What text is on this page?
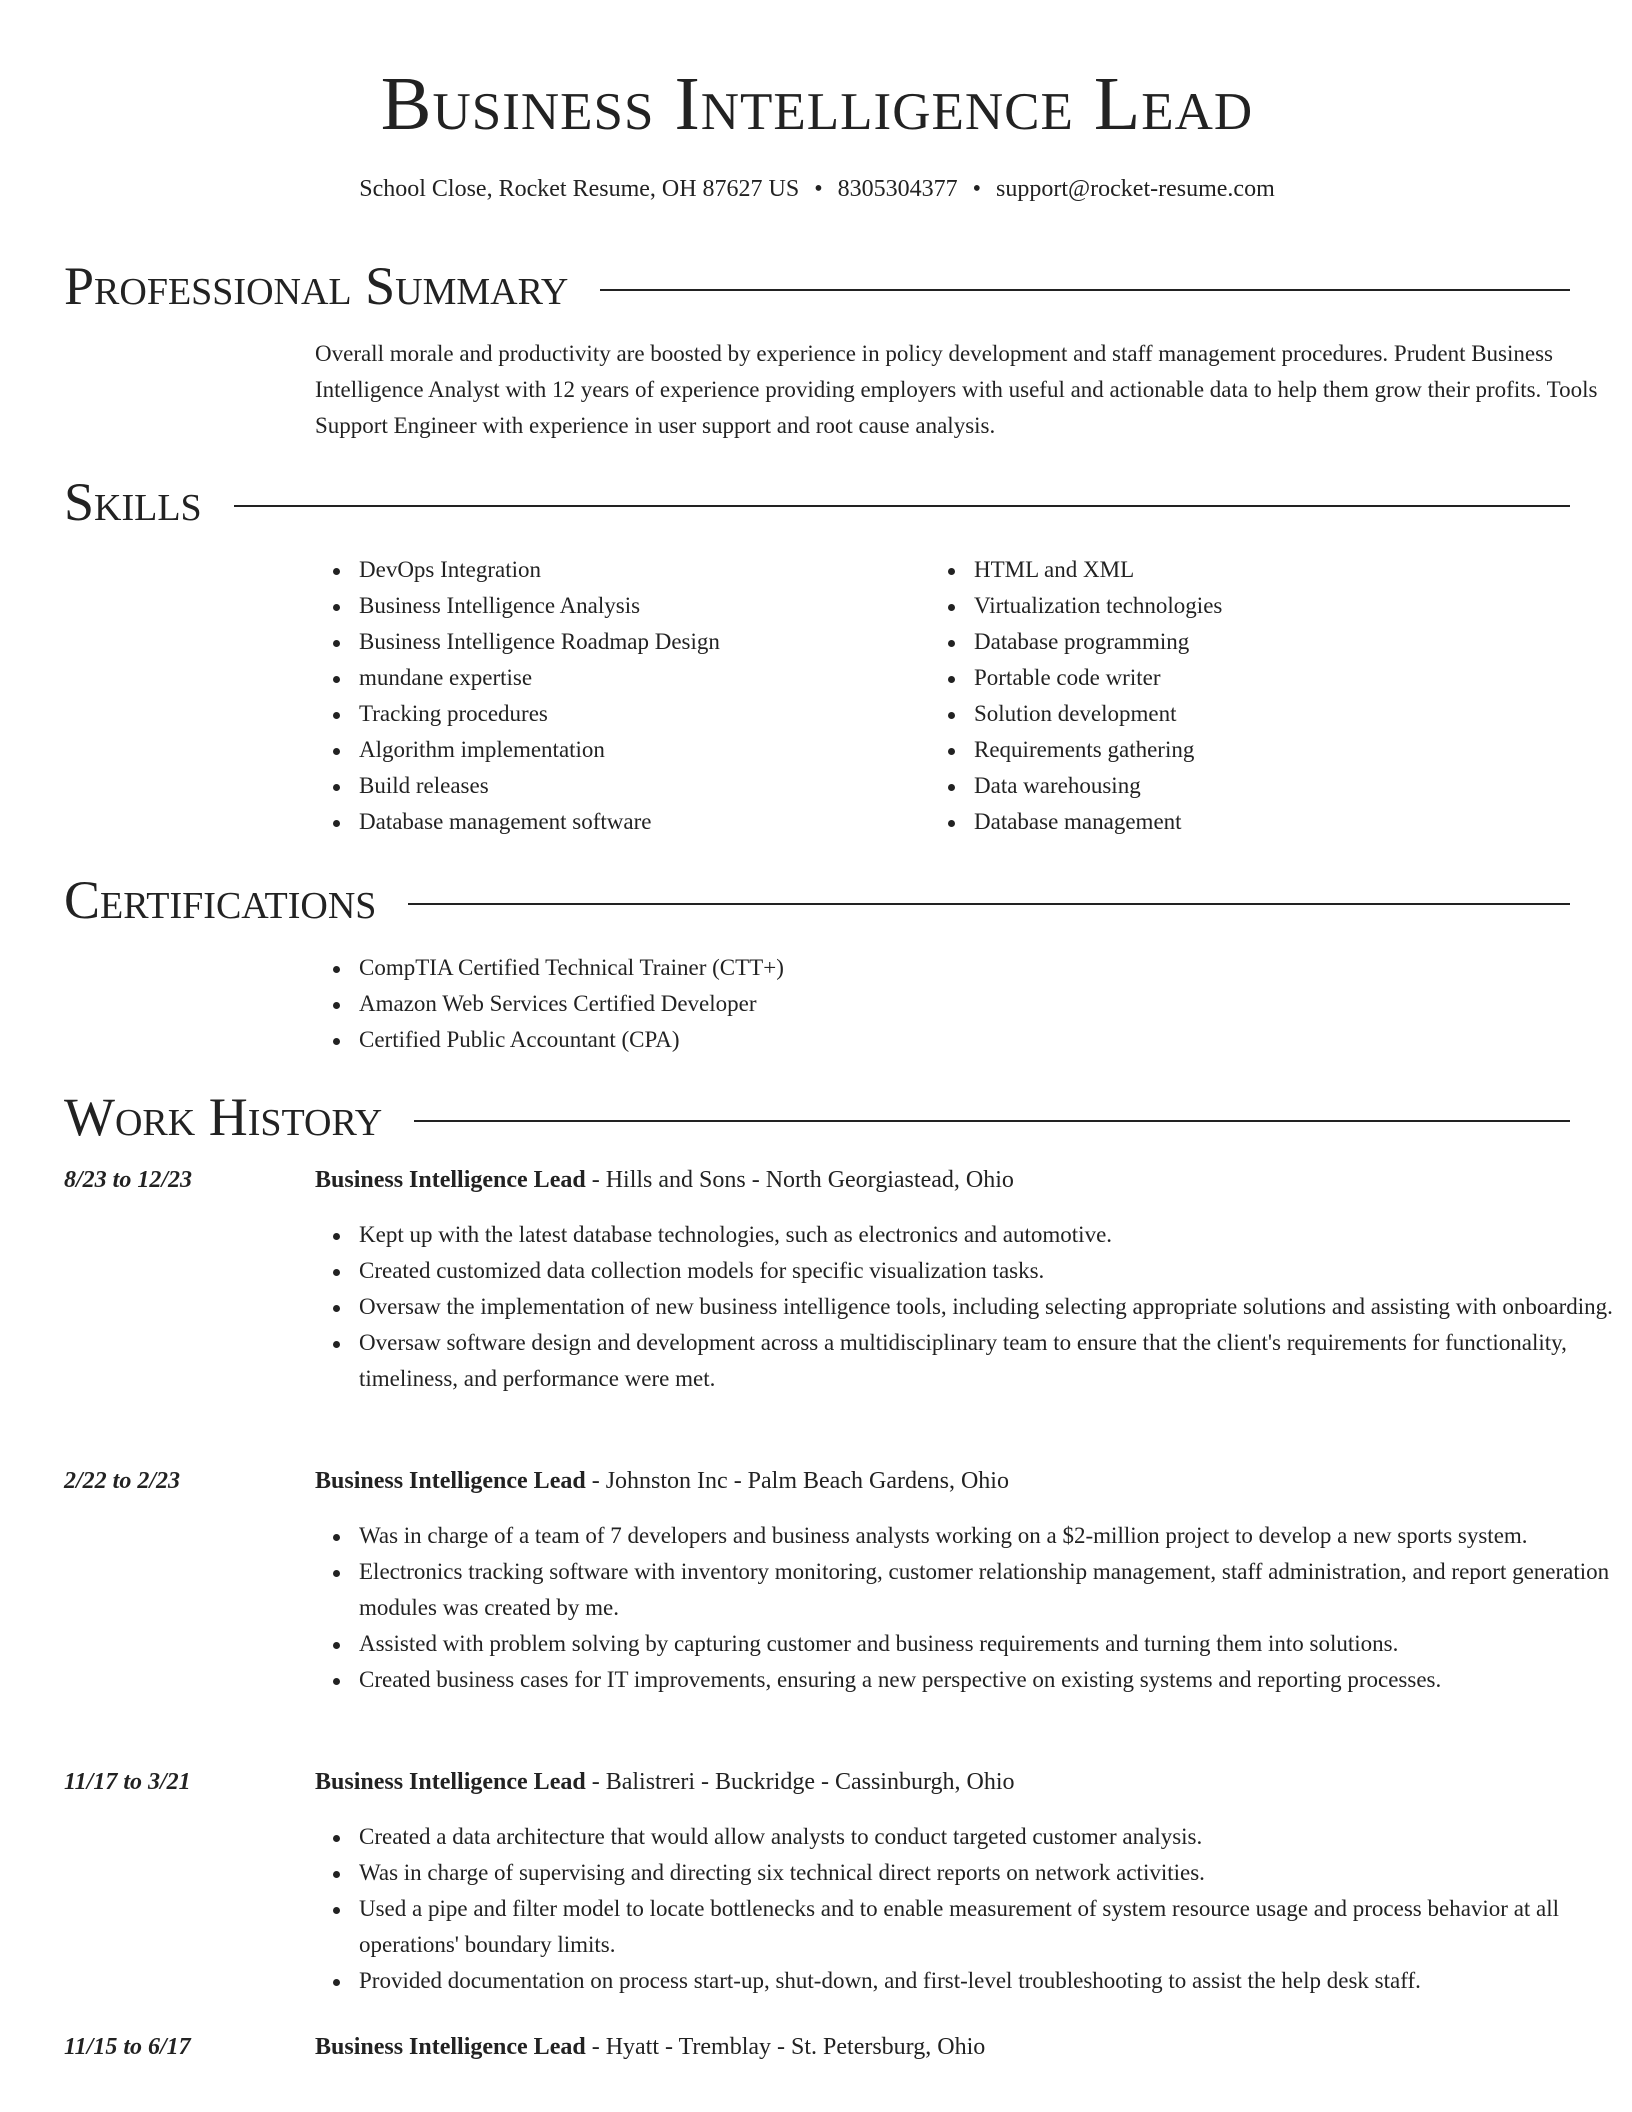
Business Intelligence Lead
School Close, Rocket Resume, OH 87627 US • 8305304377 • support@rocket-resume.com
Professional Summary
Overall morale and productivity are boosted by experience in policy development and staff management procedures. Prudent Business Intelligence Analyst with 12 years of experience providing employers with useful and actionable data to help them grow their profits. Tools Support Engineer with experience in user support and root cause analysis.
Skills
DevOps Integration
Business Intelligence Analysis
Business Intelligence Roadmap Design
mundane expertise
Tracking procedures
Algorithm implementation
Build releases
Database management software
HTML and XML
Virtualization technologies
Database programming
Portable code writer
Solution development
Requirements gathering
Data warehousing
Database management
Certifications
CompTIA Certified Technical Trainer (CTT+)
Amazon Web Services Certified Developer
Certified Public Accountant (CPA)
Work History
8/23 to 12/23	Business Intelligence Lead - Hills and Sons - North Georgiastead, Ohio
Kept up with the latest database technologies, such as electronics and automotive.
Created customized data collection models for specific visualization tasks.
Oversaw the implementation of new business intelligence tools, including selecting appropriate solutions and assisting with onboarding.
Oversaw software design and development across a multidisciplinary team to ensure that the client's requirements for functionality, timeliness, and performance were met.
2/22 to 2/23	Business Intelligence Lead - Johnston Inc - Palm Beach Gardens, Ohio
Was in charge of a team of 7 developers and business analysts working on a $2-million project to develop a new sports system.
Electronics tracking software with inventory monitoring, customer relationship management, staff administration, and report generation modules was created by me.
Assisted with problem solving by capturing customer and business requirements and turning them into solutions.
Created business cases for IT improvements, ensuring a new perspective on existing systems and reporting processes.
11/17 to 3/21	Business Intelligence Lead - Balistreri - Buckridge - Cassinburgh, Ohio
Created a data architecture that would allow analysts to conduct targeted customer analysis.
Was in charge of supervising and directing six technical direct reports on network activities.
Used a pipe and filter model to locate bottlenecks and to enable measurement of system resource usage and process behavior at all operations' boundary limits.
Provided documentation on process start-up, shut-down, and first-level troubleshooting to assist the help desk staff.
11/15 to 6/17	Business Intelligence Lead - Hyatt - Tremblay - St. Petersburg, Ohio
